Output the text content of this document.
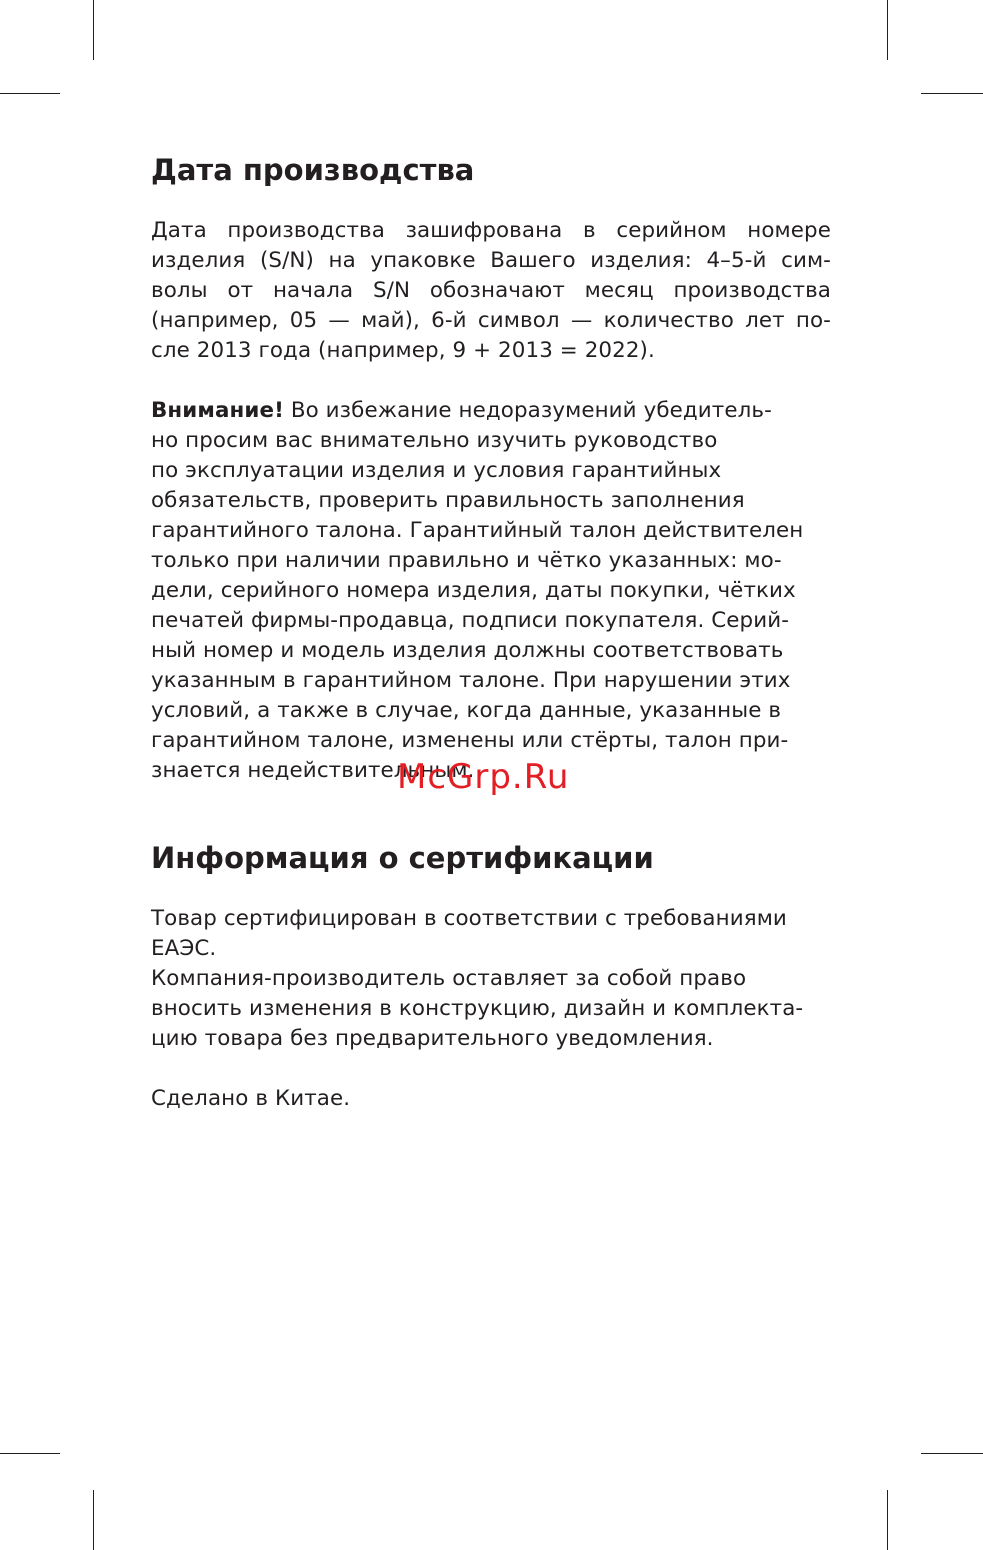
Дата производства

Дата производства зашифрована в серийном номере
изделия (S/N) на упаковке Вашего изделия: 4–5-й сим-
волы от начала S/N обозначают месяц производства
(например, 05 — май), 6-й символ — количество лет по-
сле 2013 года (например, 9 + 2013 = 2022).

Внимание! Во избежание недоразумений убедитель-
но просим вас внимательно изучить руководство
по эксплуатации изделия и условия гарантийных
обязательств, проверить правильность заполнения
гарантийного талона. Гарантийный талон действителен
только при наличии правильно и чётко указанных: мо-
дели, серийного номера изделия, даты покупки, чётких
печатей фирмы-продавца, подписи покупателя. Серий-
ный номер и модель изделия должны соответствовать
указанным в гарантийном талоне. При нарушении этих
условий, а также в случае, когда данные, указанные в
гарантийном талоне, изменены или стёрты, талон при-
знается недействительным.

Информация о сертификации

Товар сертифицирован в соответствии с требованиями
ЕАЭС.
Компания-производитель оставляет за собой право
вносить изменения в конструкцию, дизайн и комплекта-
цию товара без предварительного уведомления.

Сделано в Китае.

McGrp.Ru
